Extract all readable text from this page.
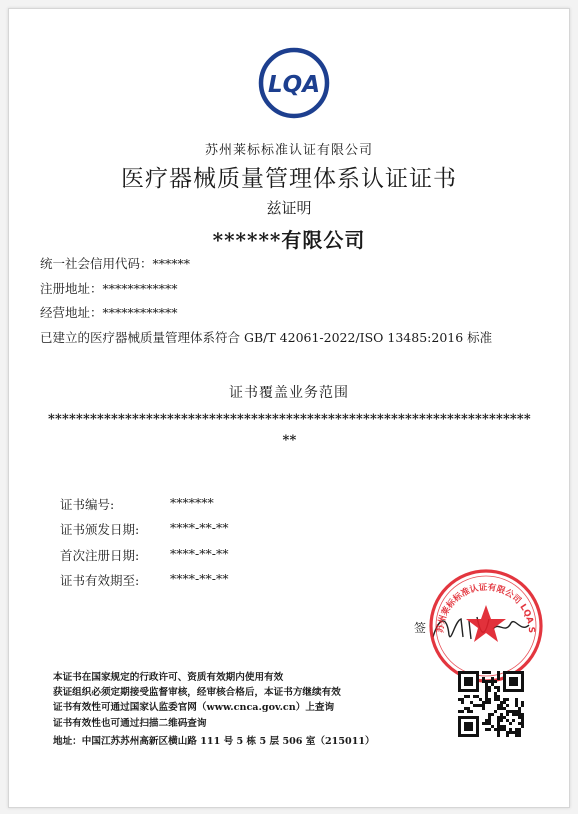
LQA
苏州莱标标准认证有限公司
医疗器械质量管理体系认证证书
兹证明
******有限公司
统一社会信用代码：******
注册地址：************
经营地址：************
已建立的医疗器械质量管理体系符合 GB/T 42061-2022/ISO 13485:2016 标准
证书覆盖业务范围
***********************************************************************
证书编号:	*******
证书颁发日期: ****-**-**
首次注册日期: ****-**-**
证书有效期至: ****-**-**
签	苏州莱标标准认证有限公司 LQA S
本证书在国家规定的行政许可、资质有效期内使用有效
获证组织必须定期接受监督审核，经审核合格后，本证书方继续有效
证书有效性可通过国家认监委官网（www.cnca.gov.cn）上查询
证书有效性也可通过扫描二维码查询
地址：中国江苏苏州高新区横山路 111 号 5 栋 5 层 506 室（215011）
